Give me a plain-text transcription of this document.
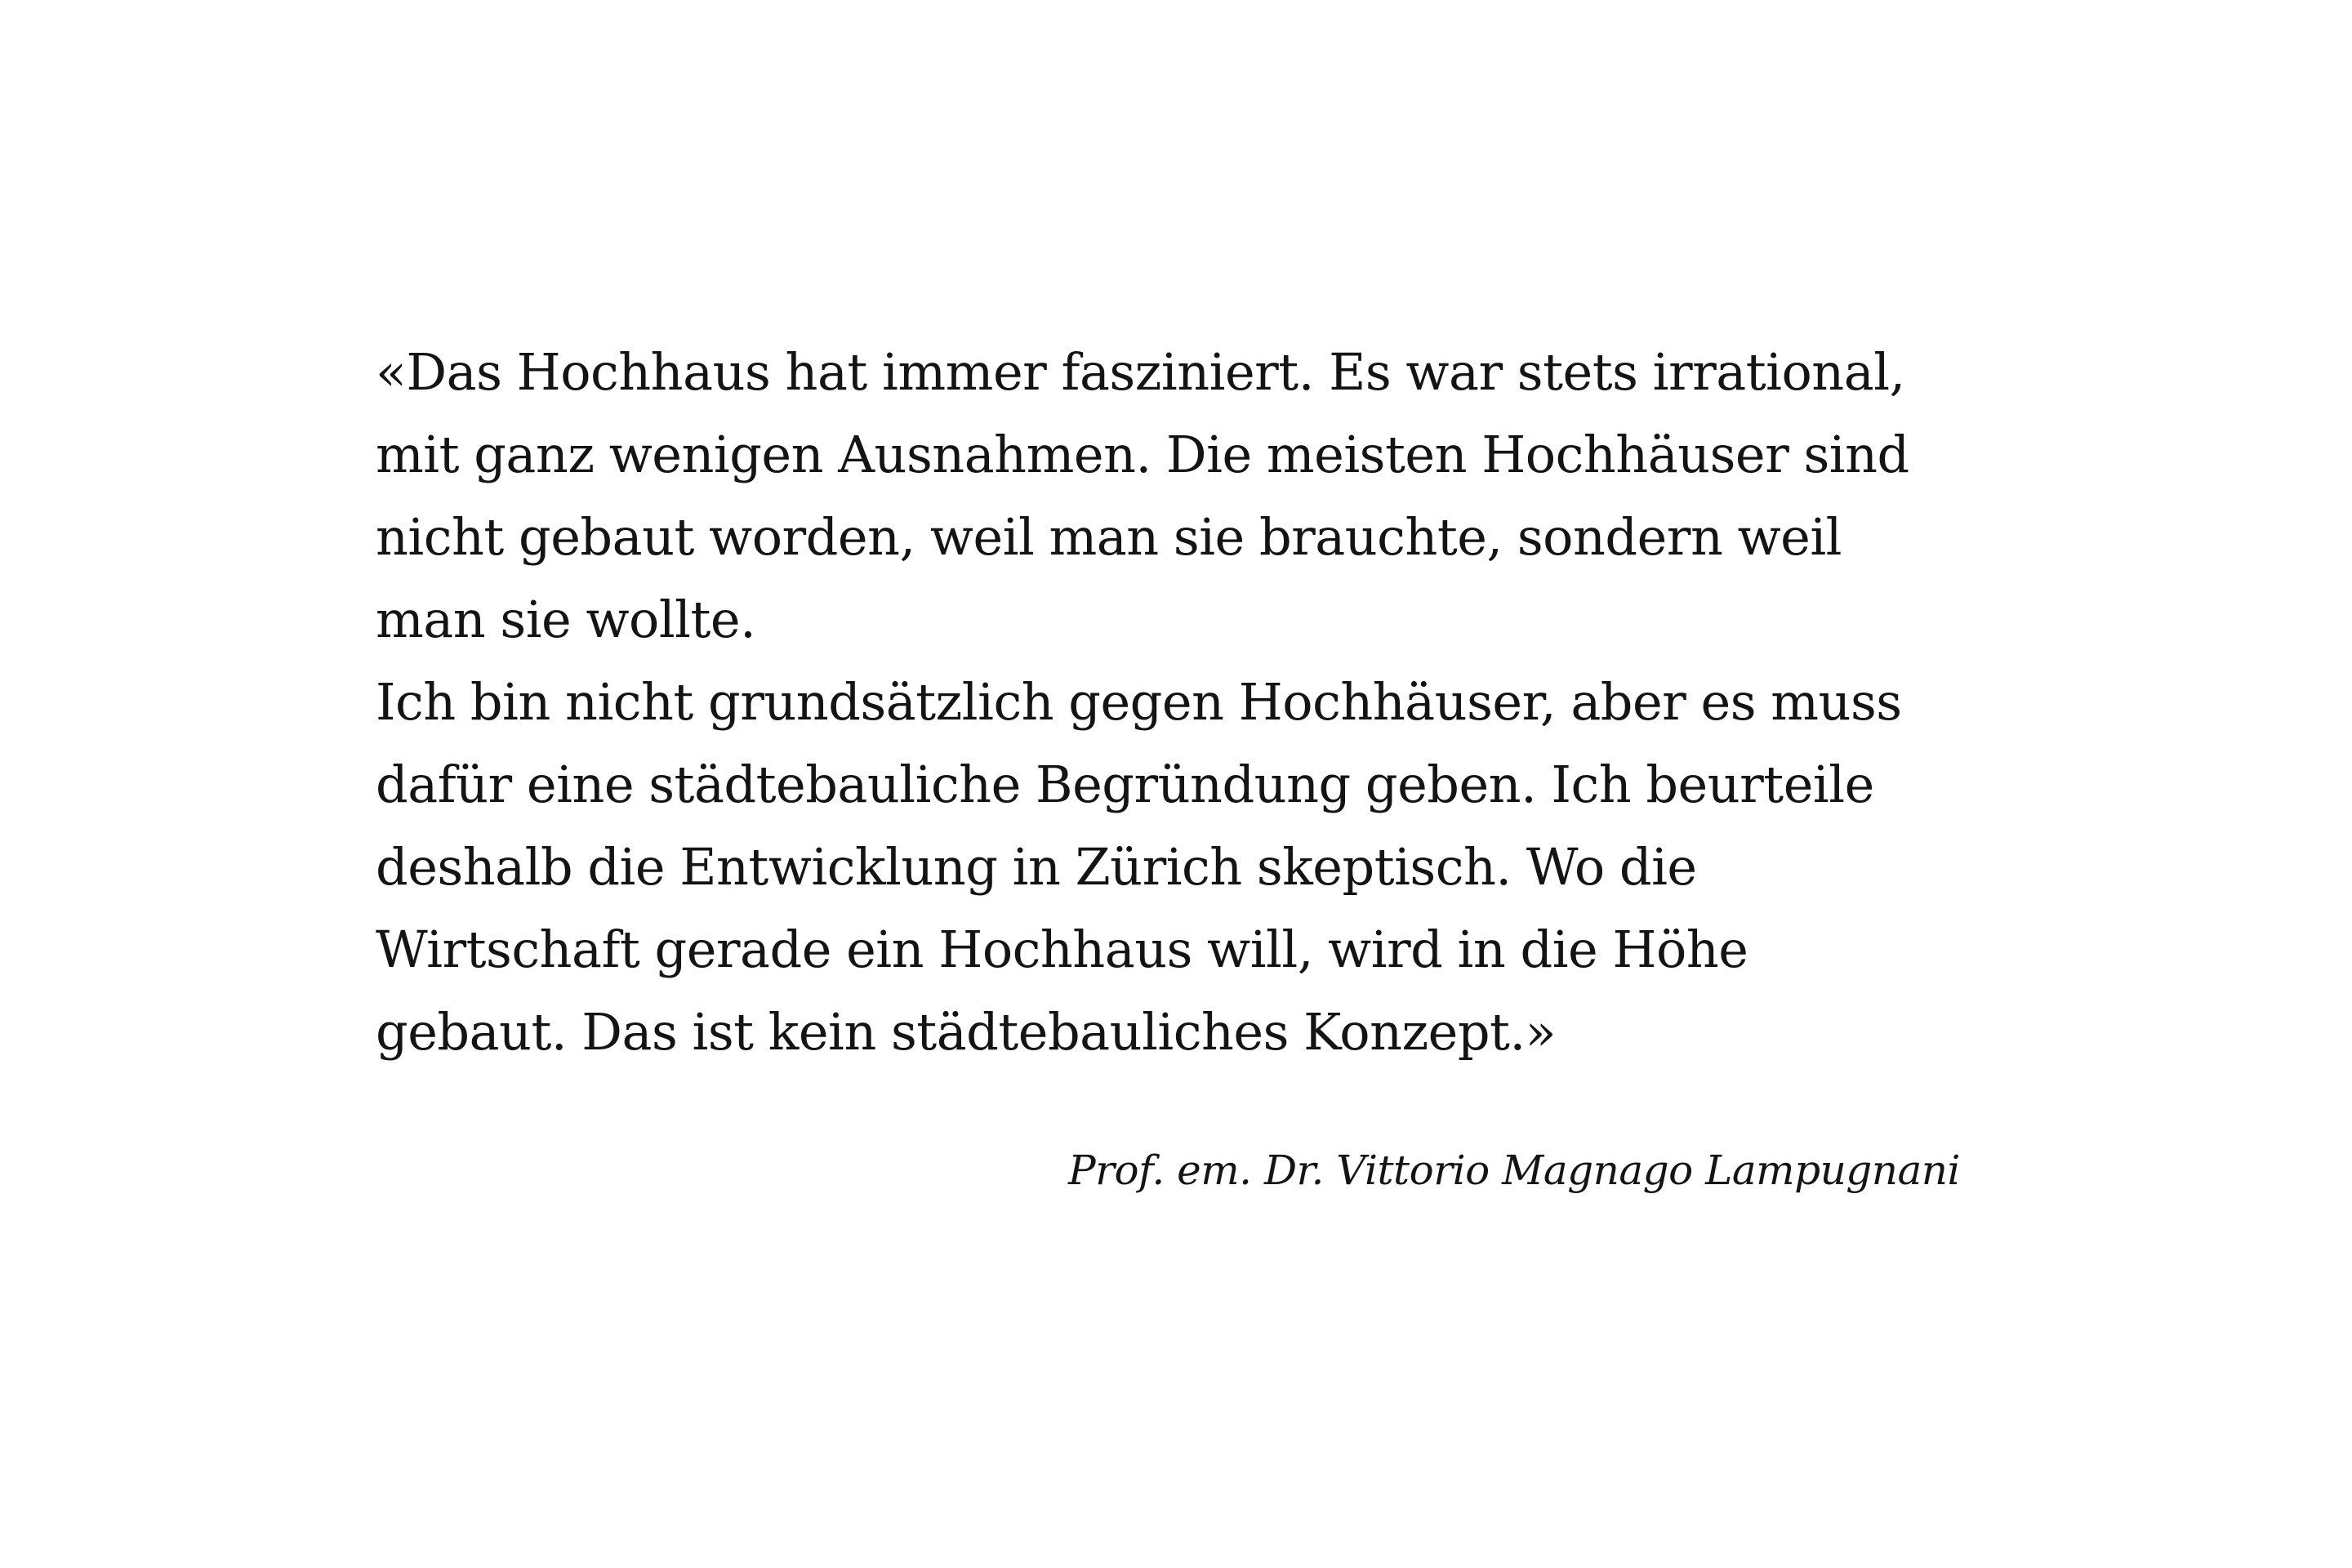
«Das Hochhaus hat immer fasziniert. Es war stets irrational,
mit ganz wenigen Ausnahmen. Die meisten Hochhäuser sind
nicht gebaut worden, weil man sie brauchte, sondern weil
man sie wollte.
Ich bin nicht grundsätzlich gegen Hochhäuser, aber es muss
dafür eine städtebauliche Begründung geben. Ich beurteile
deshalb die Entwicklung in Zürich skeptisch. Wo die
Wirtschaft gerade ein Hochhaus will, wird in die Höhe
gebaut. Das ist kein städtebauliches Konzept.»
Prof. em. Dr. Vittorio Magnago Lampugnani
